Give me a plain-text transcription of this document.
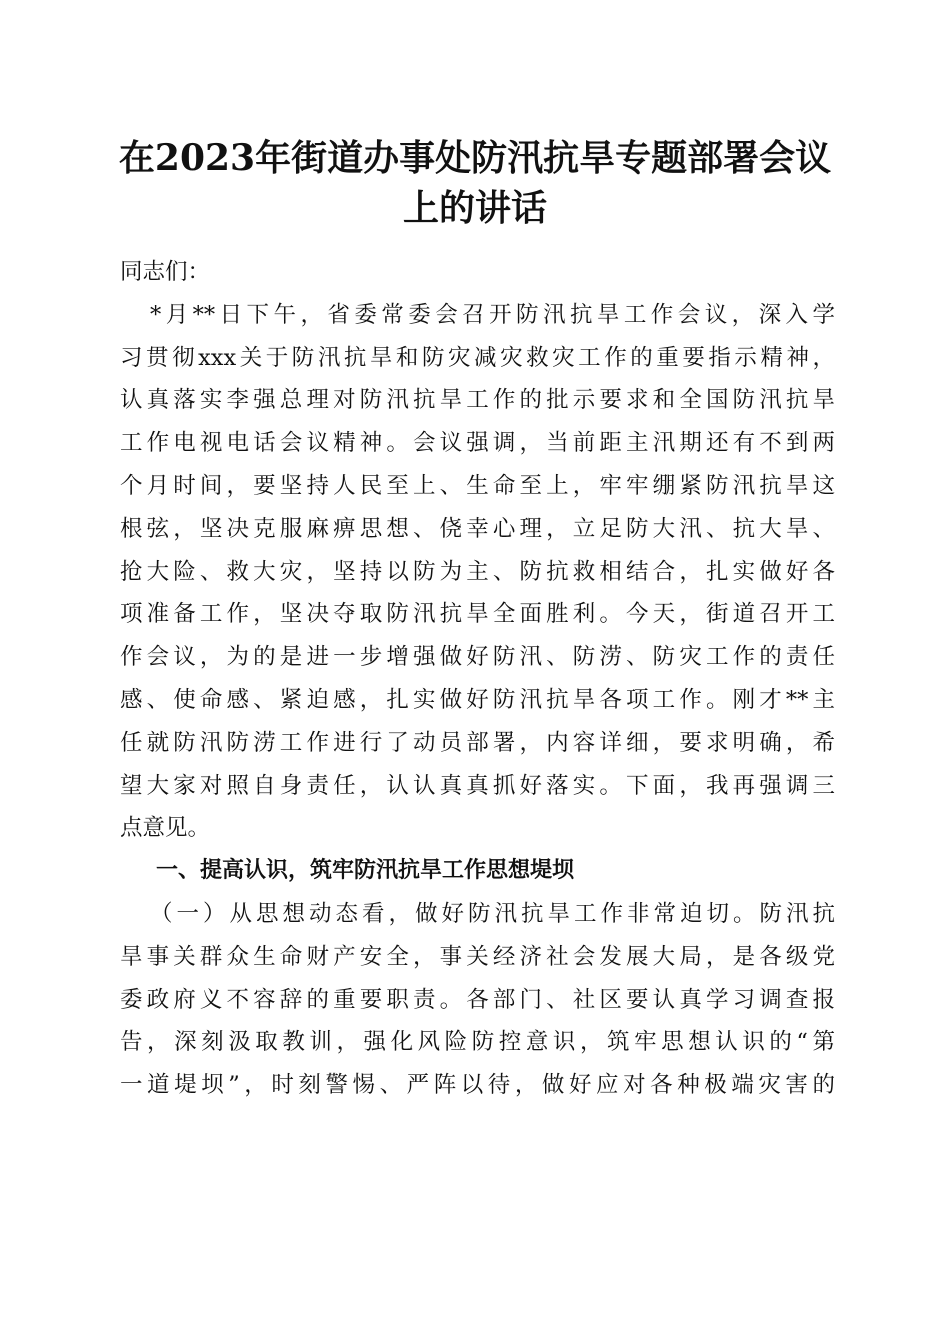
在2023年街道办事处防汛抗旱专题部署会议
上的讲话
同志们：
*月**日下午，省委常委会召开防汛抗旱工作会议，深入学
习贯彻xxx关于防汛抗旱和防灾减灾救灾工作的重要指示精神，
认真落实李强总理对防汛抗旱工作的批示要求和全国防汛抗旱
工作电视电话会议精神。会议强调，当前距主汛期还有不到两
个月时间，要坚持人民至上、生命至上，牢牢绷紧防汛抗旱这
根弦，坚决克服麻痹思想、侥幸心理，立足防大汛、抗大旱、
抢大险、救大灾，坚持以防为主、防抗救相结合，扎实做好各
项准备工作，坚决夺取防汛抗旱全面胜利。今天，街道召开工
作会议，为的是进一步增强做好防汛、防涝、防灾工作的责任
感、使命感、紧迫感，扎实做好防汛抗旱各项工作。刚才**主
任就防汛防涝工作进行了动员部署，内容详细，要求明确，希
望大家对照自身责任，认认真真抓好落实。下面，我再强调三
点意见。
一、提高认识，筑牢防汛抗旱工作思想堤坝
（一）从思想动态看，做好防汛抗旱工作非常迫切。防汛抗
旱事关群众生命财产安全，事关经济社会发展大局，是各级党
委政府义不容辞的重要职责。各部门、社区要认真学习调查报
告，深刻汲取教训，强化风险防控意识，筑牢思想认识的“第
一道堤坝”，时刻警惕、严阵以待，做好应对各种极端灾害的
